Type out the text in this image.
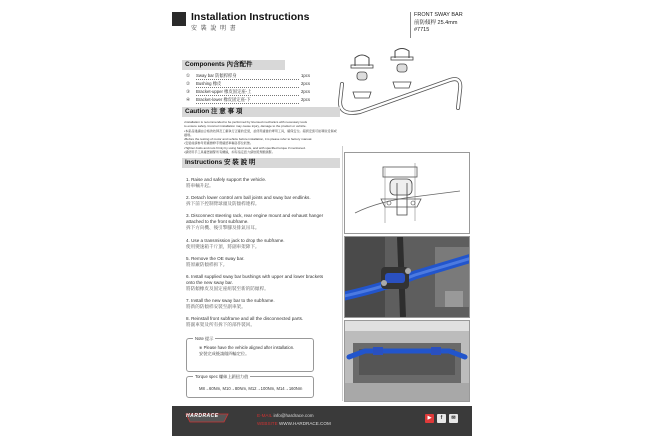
Installation Instructions
安 裝 說 明 書
FRONT SWAY BAR
前防傾桿 25.4mm
#7715
Components 內含配件
①	Sway bar 防傾桿桿身	1pcs
②	Bushing 橡皮	2pcs
③	Bracket-upper 橡皮固定座-上	2pcs
④	Bracket-lower 橡皮固定座-下	2pcs
Caution 注 意 事 項
•Installation is recommended to be performed by licensed mechanics with necessary tools
to ensure safety. Incorrect installation may cause injury, damage to the product or vehicle.
•本產品建議由合格的技師及工廠執行正確的安裝，並使用適當的專用工具，確保安全。錯誤安裝可能導致受傷或損壞。
•Before the testing of motor and vehicle before installation, it is please refer to factory manual.
•安裝前請參考原廠維修手冊確認車輛各部位狀態。
•Tighten bolts and nuts firmly by using hand tools, and with specified torque if mentioned.
•請使用手工具確實鎖緊所有螺絲，如有指定扭力請依照規範鎖緊。
Instructions 安 裝 說 明
1. Raise and safely support the vehicle.
將車輛升起。
2. Detach lower control arm ball joints and sway bar endlinks.
拆下前下控制臂球頭及防傾桿連桿。
3. Disconnect steering rack, rear engine mount and exhaust hanger attached to the front subframe.
拆下方向機、後引擎腳及排氣吊耳。
4. Use a transmission jack to drop the subframe.
使用變速箱千斤頂，將副車架降下。
5. Remove the OE sway bar.
將原廠防傾桿拆下。
6. Install supplied sway bar bushings with upper and lower brackets onto the new sway bar.
將防傾橡皮及固定座組裝至新的防傾桿。
7. Install the new sway bar to the subframe.
將新的防傾桿安裝至副車架。
8. Reinstall front subframe and all the disconnected parts.
將副車架及所有拆下的部件裝回。
Note 提示
※ Please have the vehicle aligned after installation.
安裝完成後請做四輪定位。
Torque spec 螺絲上鎖扭力值
M8→60Nm, M10→80Nm, M12→100Nm, M14→160Nm
HARDRACE	E-MAIL info@hardrace.com
WEBSITE WWW.HARDRACE.COM
▶	f	✉
